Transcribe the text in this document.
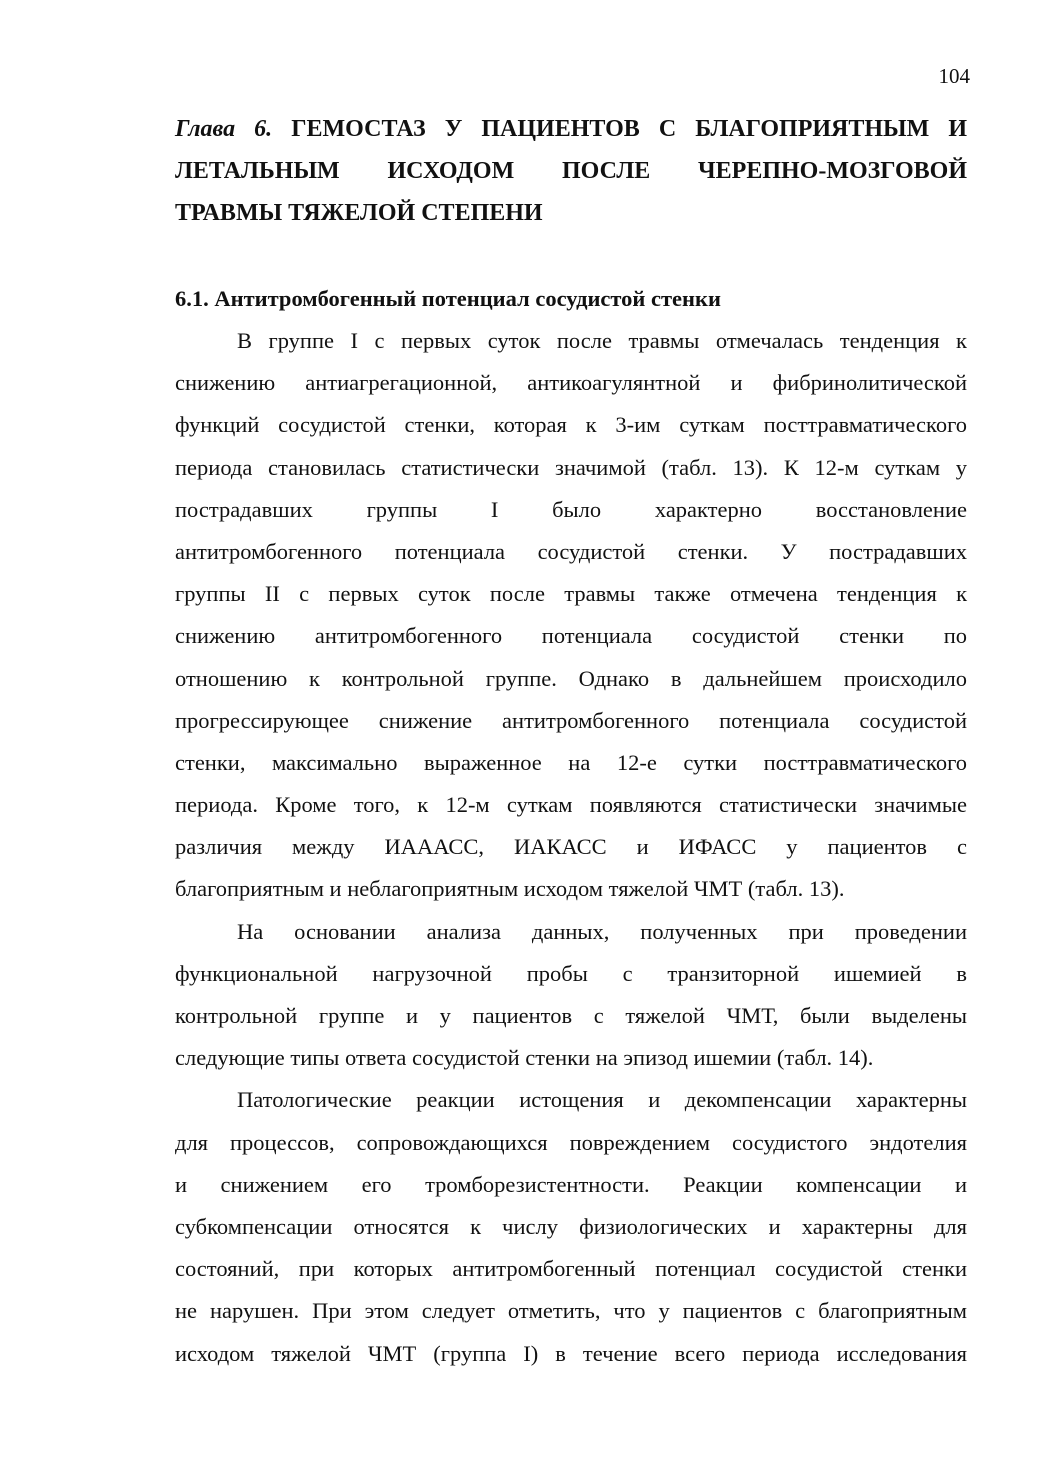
104
Глава 6. ГЕМОСТАЗ У ПАЦИЕНТОВ С БЛАГОПРИЯТНЫМ И
ЛЕТАЛЬНЫМ ИСХОДОМ ПОСЛЕ ЧЕРЕПНО-МОЗГОВОЙ
ТРАВМЫ ТЯЖЕЛОЙ СТЕПЕНИ
6.1. Антитромбогенный потенциал сосудистой стенки
В группе I с первых суток после травмы отмечалась тенденция к
снижению антиагрегационной, антикоагулянтной и фибринолитической
функций сосудистой стенки, которая к 3-им суткам посттравматического
периода становилась статистически значимой (табл. 13). К 12-м суткам у
пострадавших группы I было характерно восстановление
антитромбогенного потенциала сосудистой стенки. У пострадавших
группы II с первых суток после травмы также отмечена тенденция к
снижению антитромбогенного потенциала сосудистой стенки по
отношению к контрольной группе. Однако в дальнейшем происходило
прогрессирующее снижение антитромбогенного потенциала сосудистой
стенки, максимально выраженное на 12-е сутки посттравматического
периода. Кроме того, к 12-м суткам появляются статистически значимые
различия между ИАААСС, ИАКАСС и ИФАСС у пациентов с
благоприятным и неблагоприятным исходом тяжелой ЧМТ (табл. 13).
На основании анализа данных, полученных при проведении
функциональной нагрузочной пробы с транзиторной ишемией в
контрольной группе и у пациентов с тяжелой ЧМТ, были выделены
следующие типы ответа сосудистой стенки на эпизод ишемии (табл. 14).
Патологические реакции истощения и декомпенсации характерны
для процессов, сопровождающихся повреждением сосудистого эндотелия
и снижением его тромборезистентности. Реакции компенсации и
субкомпенсации относятся к числу физиологических и характерны для
состояний, при которых антитромбогенный потенциал сосудистой стенки
не нарушен. При этом следует отметить, что у пациентов с благоприятным
исходом тяжелой ЧМТ (группа I) в течение всего периода исследования
